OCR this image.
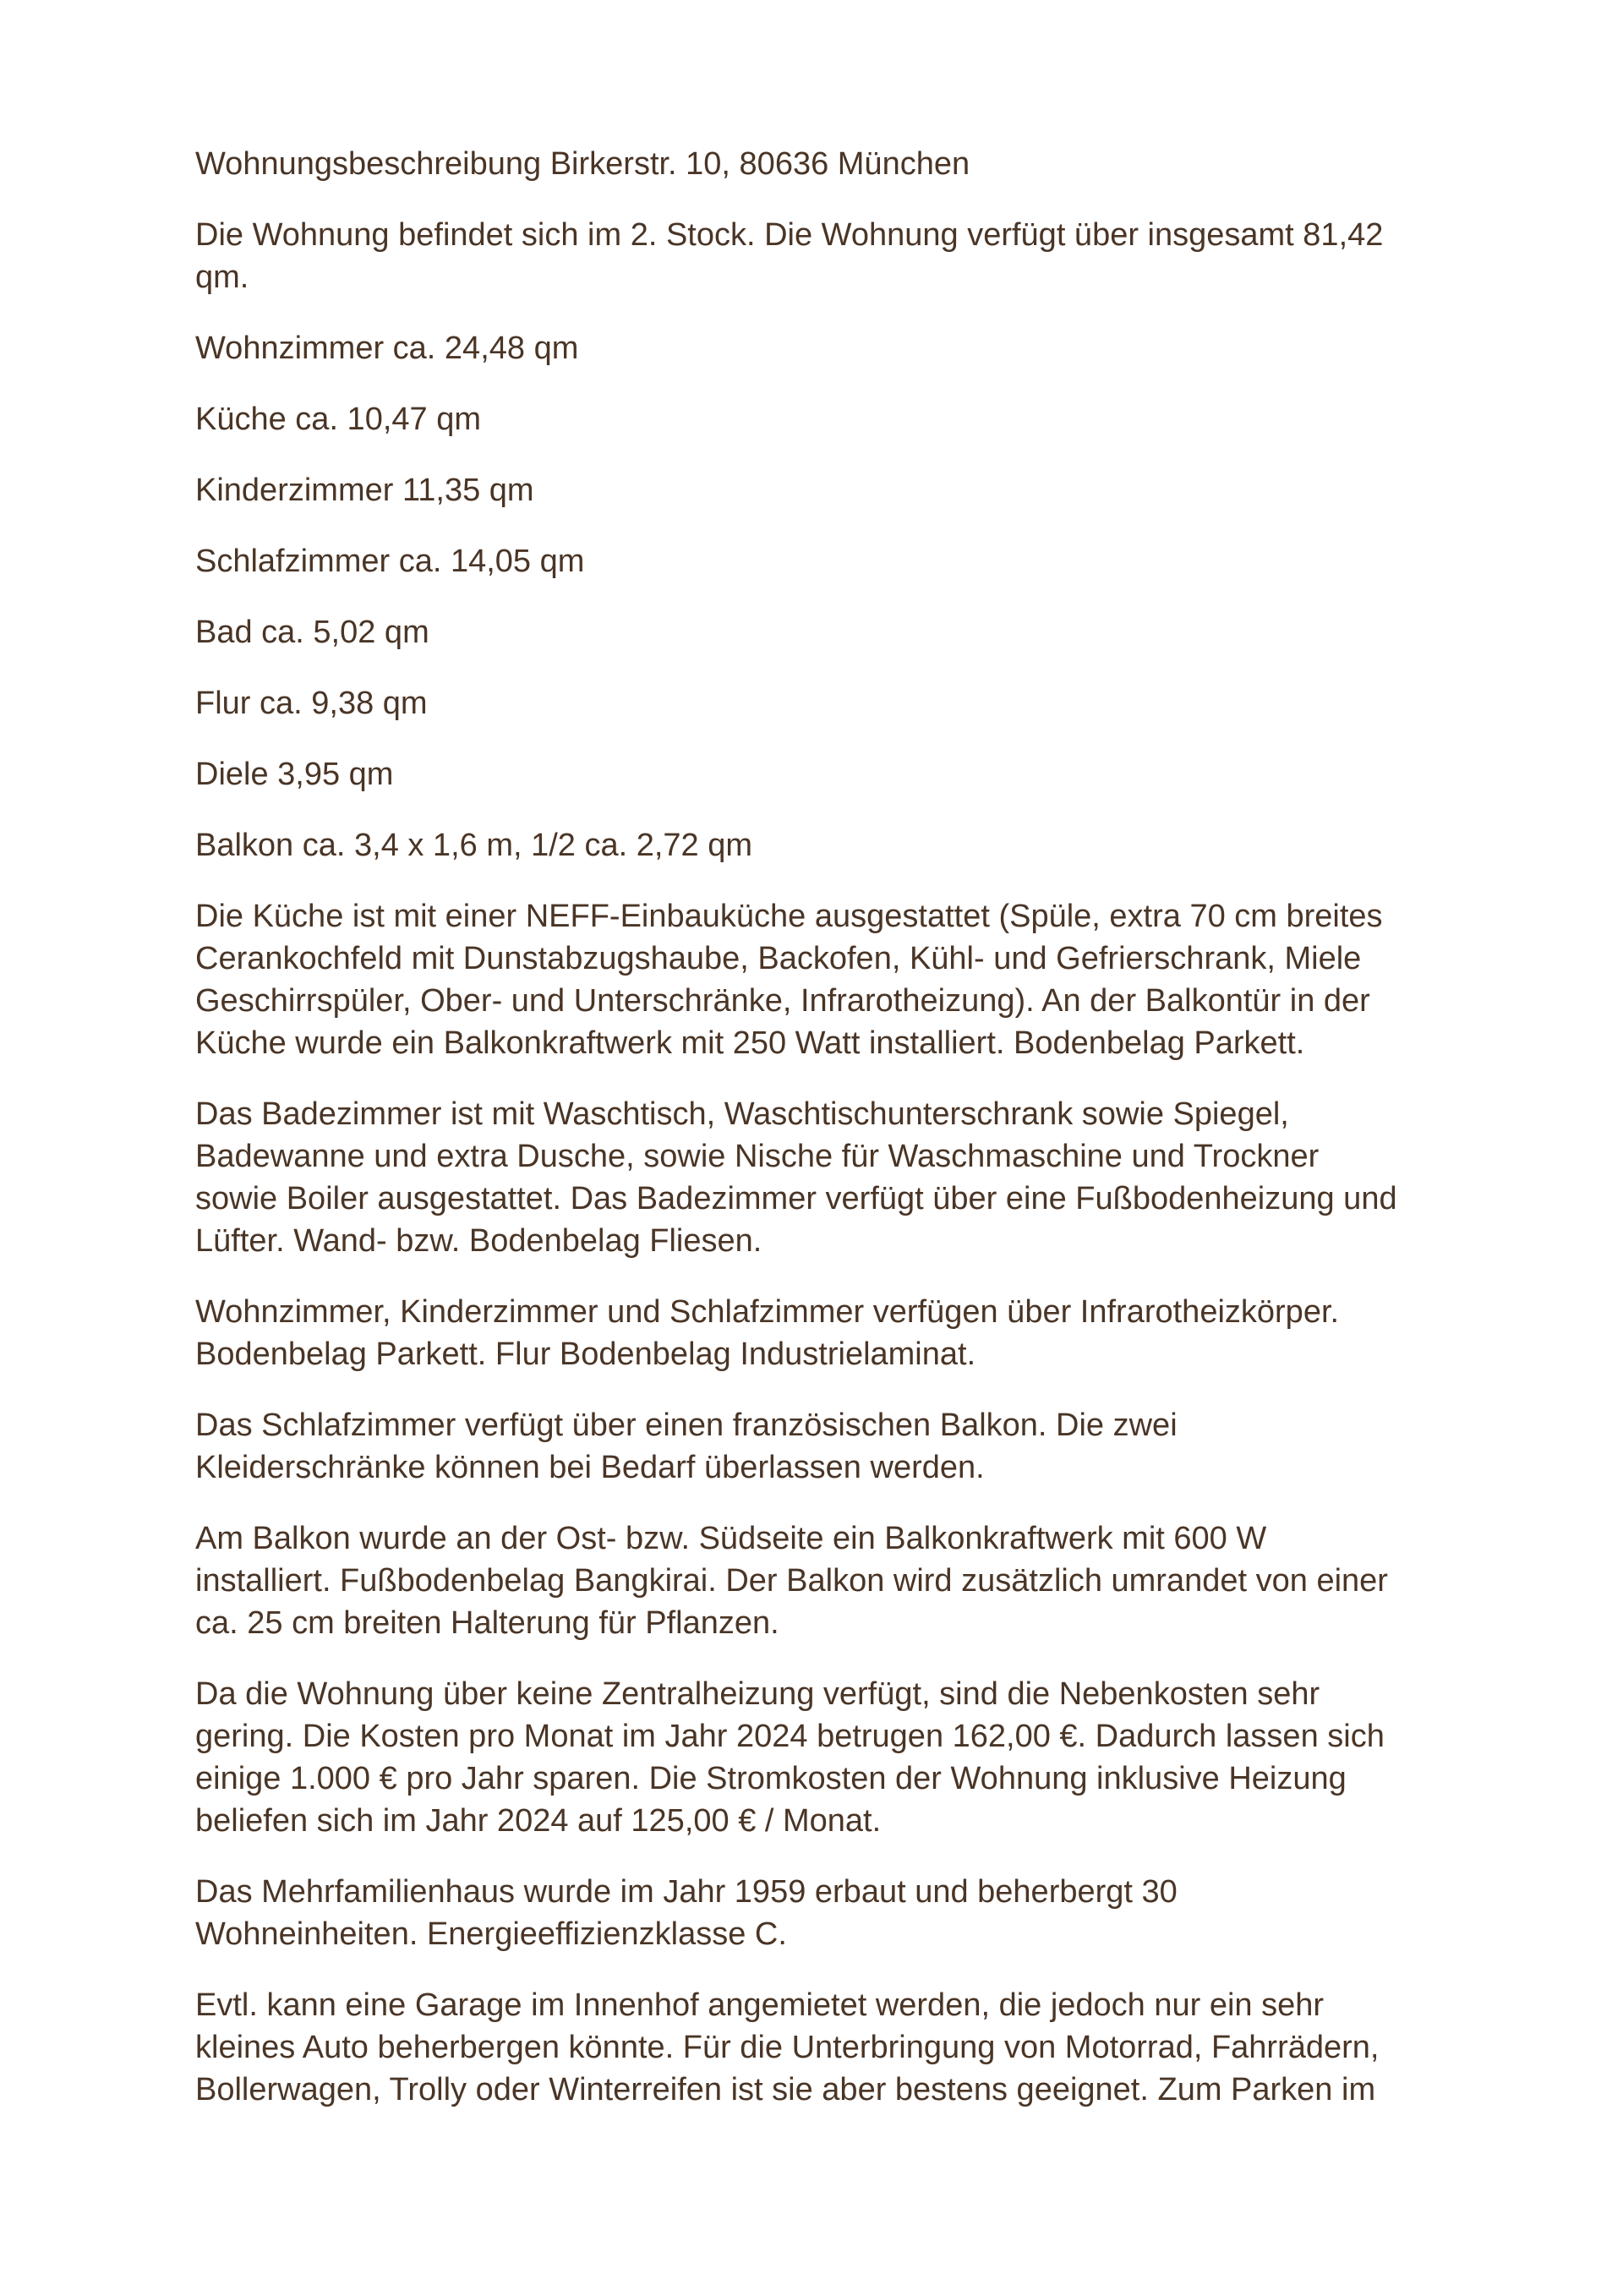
Wohnungsbeschreibung Birkerstr. 10, 80636 München
Die Wohnung befindet sich im 2. Stock. Die Wohnung verfügt über insgesamt 81,42
qm.
Wohnzimmer ca. 24,48 qm
Küche ca. 10,47 qm
Kinderzimmer 11,35 qm
Schlafzimmer ca. 14,05 qm
Bad ca. 5,02 qm
Flur ca. 9,38 qm
Diele 3,95 qm
Balkon ca. 3,4 x 1,6 m, 1/2 ca. 2,72 qm
Die Küche ist mit einer NEFF-Einbauküche ausgestattet (Spüle, extra 70 cm breites
Cerankochfeld mit Dunstabzugshaube, Backofen, Kühl- und Gefrierschrank, Miele
Geschirrspüler, Ober- und Unterschränke, Infrarotheizung). An der Balkontür in der
Küche wurde ein Balkonkraftwerk mit 250 Watt installiert. Bodenbelag Parkett.
Das Badezimmer ist mit Waschtisch, Waschtischunterschrank sowie Spiegel,
Badewanne und extra Dusche, sowie Nische für Waschmaschine und Trockner
sowie Boiler ausgestattet. Das Badezimmer verfügt über eine Fußbodenheizung und
Lüfter. Wand- bzw. Bodenbelag Fliesen.
Wohnzimmer, Kinderzimmer und Schlafzimmer verfügen über Infrarotheizkörper.
Bodenbelag Parkett. Flur Bodenbelag Industrielaminat.
Das Schlafzimmer verfügt über einen französischen Balkon. Die zwei
Kleiderschränke können bei Bedarf überlassen werden.
Am Balkon wurde an der Ost- bzw. Südseite ein Balkonkraftwerk mit 600 W
installiert. Fußbodenbelag Bangkirai. Der Balkon wird zusätzlich umrandet von einer
ca. 25 cm breiten Halterung für Pflanzen.
Da die Wohnung über keine Zentralheizung verfügt, sind die Nebenkosten sehr
gering. Die Kosten pro Monat im Jahr 2024 betrugen 162,00 €. Dadurch lassen sich
einige 1.000 € pro Jahr sparen. Die Stromkosten der Wohnung inklusive Heizung
beliefen sich im Jahr 2024 auf 125,00 € / Monat.
Das Mehrfamilienhaus wurde im Jahr 1959 erbaut und beherbergt 30
Wohneinheiten. Energieeffizienzklasse C.
Evtl. kann eine Garage im Innenhof angemietet werden, die jedoch nur ein sehr
kleines Auto beherbergen könnte. Für die Unterbringung von Motorrad, Fahrrädern,
Bollerwagen, Trolly oder Winterreifen ist sie aber bestens geeignet. Zum Parken im
